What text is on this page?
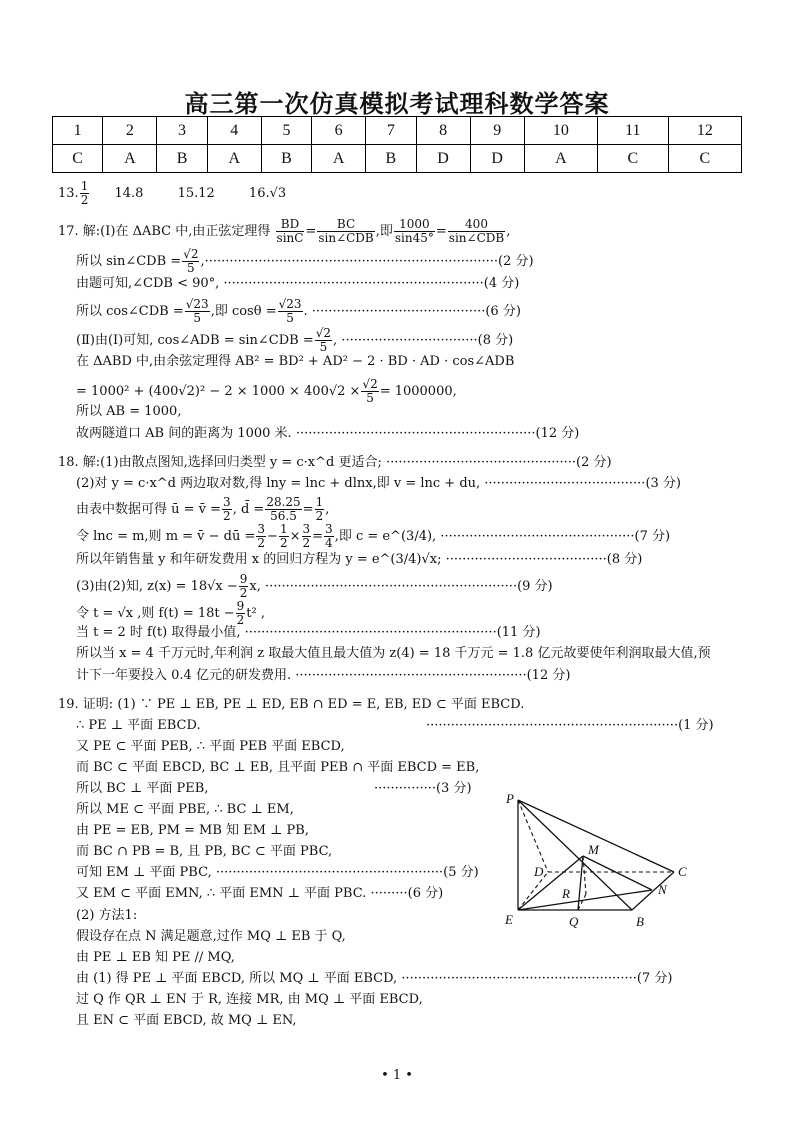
高三第一次仿真模拟考试理科数学答案
1	2	3	4	5	6	7	8	9	10	11	12
C	A	B	A	B	A	B	D	D	A	C	C
13. $\frac{1}{2} 14.8$	15.12	16.√3
17. 解:(Ⅰ)在 ΔABC 中,由正弦定理得 $\frac{BD}{\sin C} = \frac{BC}{\text{sin∠CDB}}$ ,即 $\frac{1000}{\sin 45^\circ} = \frac{400}{\text{sin∠CDB}}$ ,
所以 sin∠CDB = $\frac{√2}{5} ,\cdot\cdot\cdot\cdot\cdot\cdot\cdot\cdot\cdot\cdot\cdot\cdot\cdot\cdot\cdot\cdot\cdot\cdot\cdot\cdot\cdot\cdot\cdot\cdot\cdot\cdot\cdot\cdot\cdot\cdot\cdot\cdot\cdot\cdot\cdot\cdot\cdot\cdot\cdot\cdot\cdot\cdot\cdot\cdot\cdot\cdot\cdot\cdot\cdot\cdot\cdot\cdot\cdot\cdot\cdot\cdot\cdot\cdot\cdot\cdot\cdot\cdot\cdot\cdot\cdot\cdot\cdot\cdot\cdot\cdot\cdot(2$ 分)
由题可知,∠CDB < 90°, ·······························································(4 分)
所以 cos∠CDB = $\frac{√23}{5}$ ,即 $\cos\theta = \frac{√23}{5}$ . ··········································(6 分)
(Ⅱ)由(Ⅰ)可知, cos∠ADB = sin∠CDB = $\frac{√2}{5}$ , ·································(8 分)
在 ΔABD 中,由余弦定理得 AB² = BD² + AD² − 2 · BD · AD · cos∠ADB
= $1000^2 + (400√2)^2 - 2 \times 1000 \times 400√2 \times \frac{√2}{5} = 1000000$,
所以 AB = 1000,
故两隧道口 AB 间的距离为 1000 米. ··························································(12 分)
18. 解:(1)由散点图知,选择回归类型 y = c·x^d 更适合; ··············································(2 分)
(2)对 y = c·x^d 两边取对数,得 lny = lnc + dlnx,即 v = lnc + du, ·······································(3 分)
由表中数据可得 ū = v̄ = $\frac{3}{2}$ , d̄ = $\frac{28.25}{56.5} = \frac{1}{2}$ ,
令 lnc = m,则 m = v̄ − dū = $\frac{3}{2} - \frac{1}{2} \times \frac{3}{2} = \frac{3}{4}$ ,即 c = e^(3/4), ···············································(7 分)
所以年销售量 y 和年研发费用 x 的回归方程为 y = e^(3/4)√x; ·······································(8 分)
(3)由(2)知, $z(x) = 18√x - \frac{9}{2} x$, ·····························································(9 分)
令 t = √x ,则 $f(t) = 18t - \frac{9}{2} t^2$ ,
当 t = 2 时 f(t) 取得最小值, ·····························································(11 分)
所以当 x = 4 千万元时,年利润 z 取最大值且最大值为 z(4) = 18 千万元 = 1.8 亿元故要使年利润取最大值,预
计下一年要投入 0.4 亿元的研发费用. ························································(12 分)
19. 证明: (1) ∵ PE ⊥ EB, PE ⊥ ED, EB ∩ ED = E, EB, ED ⊂ 平面 EBCD.
∴ PE ⊥ 平面 EBCD.	·····························································(1 分)
又 PE ⊂ 平面 PEB, ∴ 平面 PEB 平面 EBCD,
而 BC ⊂ 平面 EBCD, BC ⊥ EB, 且平面 PEB ∩ 平面 EBCD = EB,
所以 BC ⊥ 平面 PEB,	···············(3 分)
所以 ME ⊂ 平面 PBE, ∴ BC ⊥ EM,
由 PE = EB, PM = MB 知 EM ⊥ PB,
而 BC ∩ PB = B, 且 PB, BC ⊂ 平面 PBC,
可知 EM ⊥ 平面 PBC, ·······················································(5 分)
又 EM ⊂ 平面 EMN, ∴ 平面 EMN ⊥ 平面 PBC. ·········(6 分)
(2) 方法1:
假设存在点 N 满足题意,过作 MQ ⊥ EB 于 Q,
由 PE ⊥ EB 知 PE // MQ,
由 (1) 得 PE ⊥ 平面 EBCD, 所以 MQ ⊥ 平面 EBCD, ·························································(7 分)
过 Q 作 QR ⊥ EN 于 R, 连接 MR, 由 MQ ⊥ 平面 EBCD,
且 EN ⊂ 平面 EBCD, 故 MQ ⊥ EN,
P
M
C
D
R	N
E	Q	B
• 1 •
